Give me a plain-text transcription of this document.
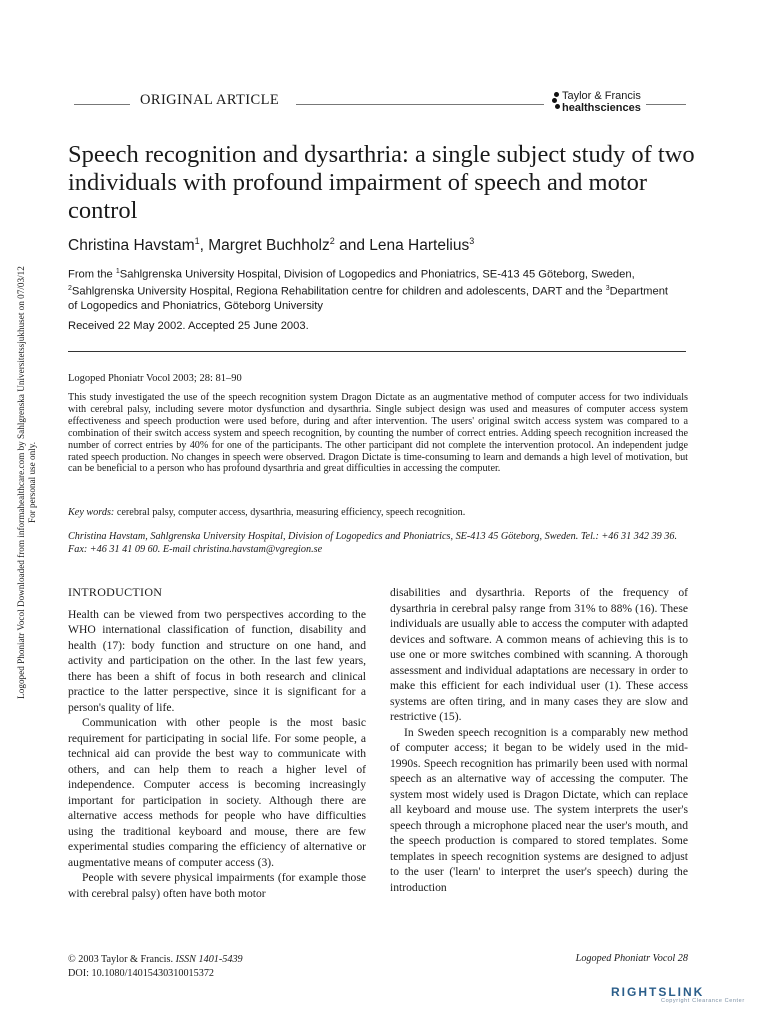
Logoped Phoniatr Vocol Downloaded from informahealthcare.com by Sahlgrenska Universitetssjukhuset on 07/03/12 For personal use only.
ORIGINAL ARTICLE	Taylor & Francis
healthsciences
Speech recognition and dysarthria: a single subject study of two individuals with profound impairment of speech and motor control
Christina Havstam$^1$, Margret Buchholz$^2$ and Lena Hartelius$^3$
From the $^1$Sahlgrenska University Hospital, Division of Logopedics and Phoniatrics, SE-413 45 Göteborg, Sweden,
$^2$Sahlgrenska University Hospital, Regiona Rehabilitation centre for children and adolescents, DART and the $^3$Department
of Logopedics and Phoniatrics, Göteborg University
Received 22 May 2002. Accepted 25 June 2003.
Logoped Phoniatr Vocol 2003; 28: 81–90
This study investigated the use of the speech recognition system Dragon Dictate as an augmentative method of computer access for two individuals with cerebral palsy, including severe motor dysfunction and dysarthria. Single subject design was used and measures of computer access system effectiveness and speech production were used before, during and after intervention. The users' original switch access system was compared to a combination of their switch access system and speech recognition, by counting the number of correct entries. Adding speech recognition increased the number of correct entries by 40% for one of the participants. The other participant did not complete the intervention protocol. An independent judge rated speech production. No changes in speech were observed. Dragon Dictate is time-consuming to learn and demands a high level of motivation, but can be beneficial to a person who has profound dysarthria and great difficulties in accessing the computer.
Key words: cerebral palsy, computer access, dysarthria, measuring efficiency, speech recognition.
Christina Havstam, Sahlgrenska University Hospital, Division of Logopedics and Phoniatrics, SE-413 45 Göteborg, Sweden. Tel.: +46 31 342 39 36. Fax: +46 31 41 09 60. E-mail christina.havstam@vgregion.se

INTRODUCTION

Health can be viewed from two perspectives according to the WHO international classification of function, disability and health (17): body function and structure on one hand, and activity and participation on the other. In the last few years, there has been a shift of focus in both research and clinical practice to the latter perspective, since it is significant for a person's quality of life.

Communication with other people is the most basic requirement for participating in social life. For some people, a technical aid can provide the best way to communicate with others, and can help them to reach a higher level of independence. Computer access is becoming increasingly important for participation in society. Although there are alternative access methods for people who have difficulties using the traditional keyboard and mouse, there are few experimental studies comparing the efficiency of alternative or augmentative means of computer access (3).

People with severe physical impairments (for example those with cerebral palsy) often have both motor

disabilities and dysarthria. Reports of the frequency of dysarthria in cerebral palsy range from 31% to 88% (16). These individuals are usually able to access the computer with adapted devices and software. A common means of achieving this is to use one or more switches combined with scanning. A thorough assessment and individual adaptations are necessary in order to make this efficient for each individual user (1). These access systems are often tiring, and in many cases they are slow and restrictive (15).

In Sweden speech recognition is a comparably new method of computer access; it began to be widely used in the mid-1990s. Speech recognition has primarily been used with normal speech as an alternative way of accessing the computer. The system most widely used is Dragon Dictate, which can replace all keyboard and mouse use. The system interprets the user's speech through a microphone placed near the user's mouth, and the speech production is compared to stored templates. Some templates in speech recognition systems are designed to adjust to the user ('learn' to interpret the user's speech) during the introduction

© 2003 Taylor & Francis. ISSN 1401-5439
DOI: 10.1080/14015430310015372
Logoped Phoniatr Vocol 28
RIGHTSLINK
Copyright Clearance Center
